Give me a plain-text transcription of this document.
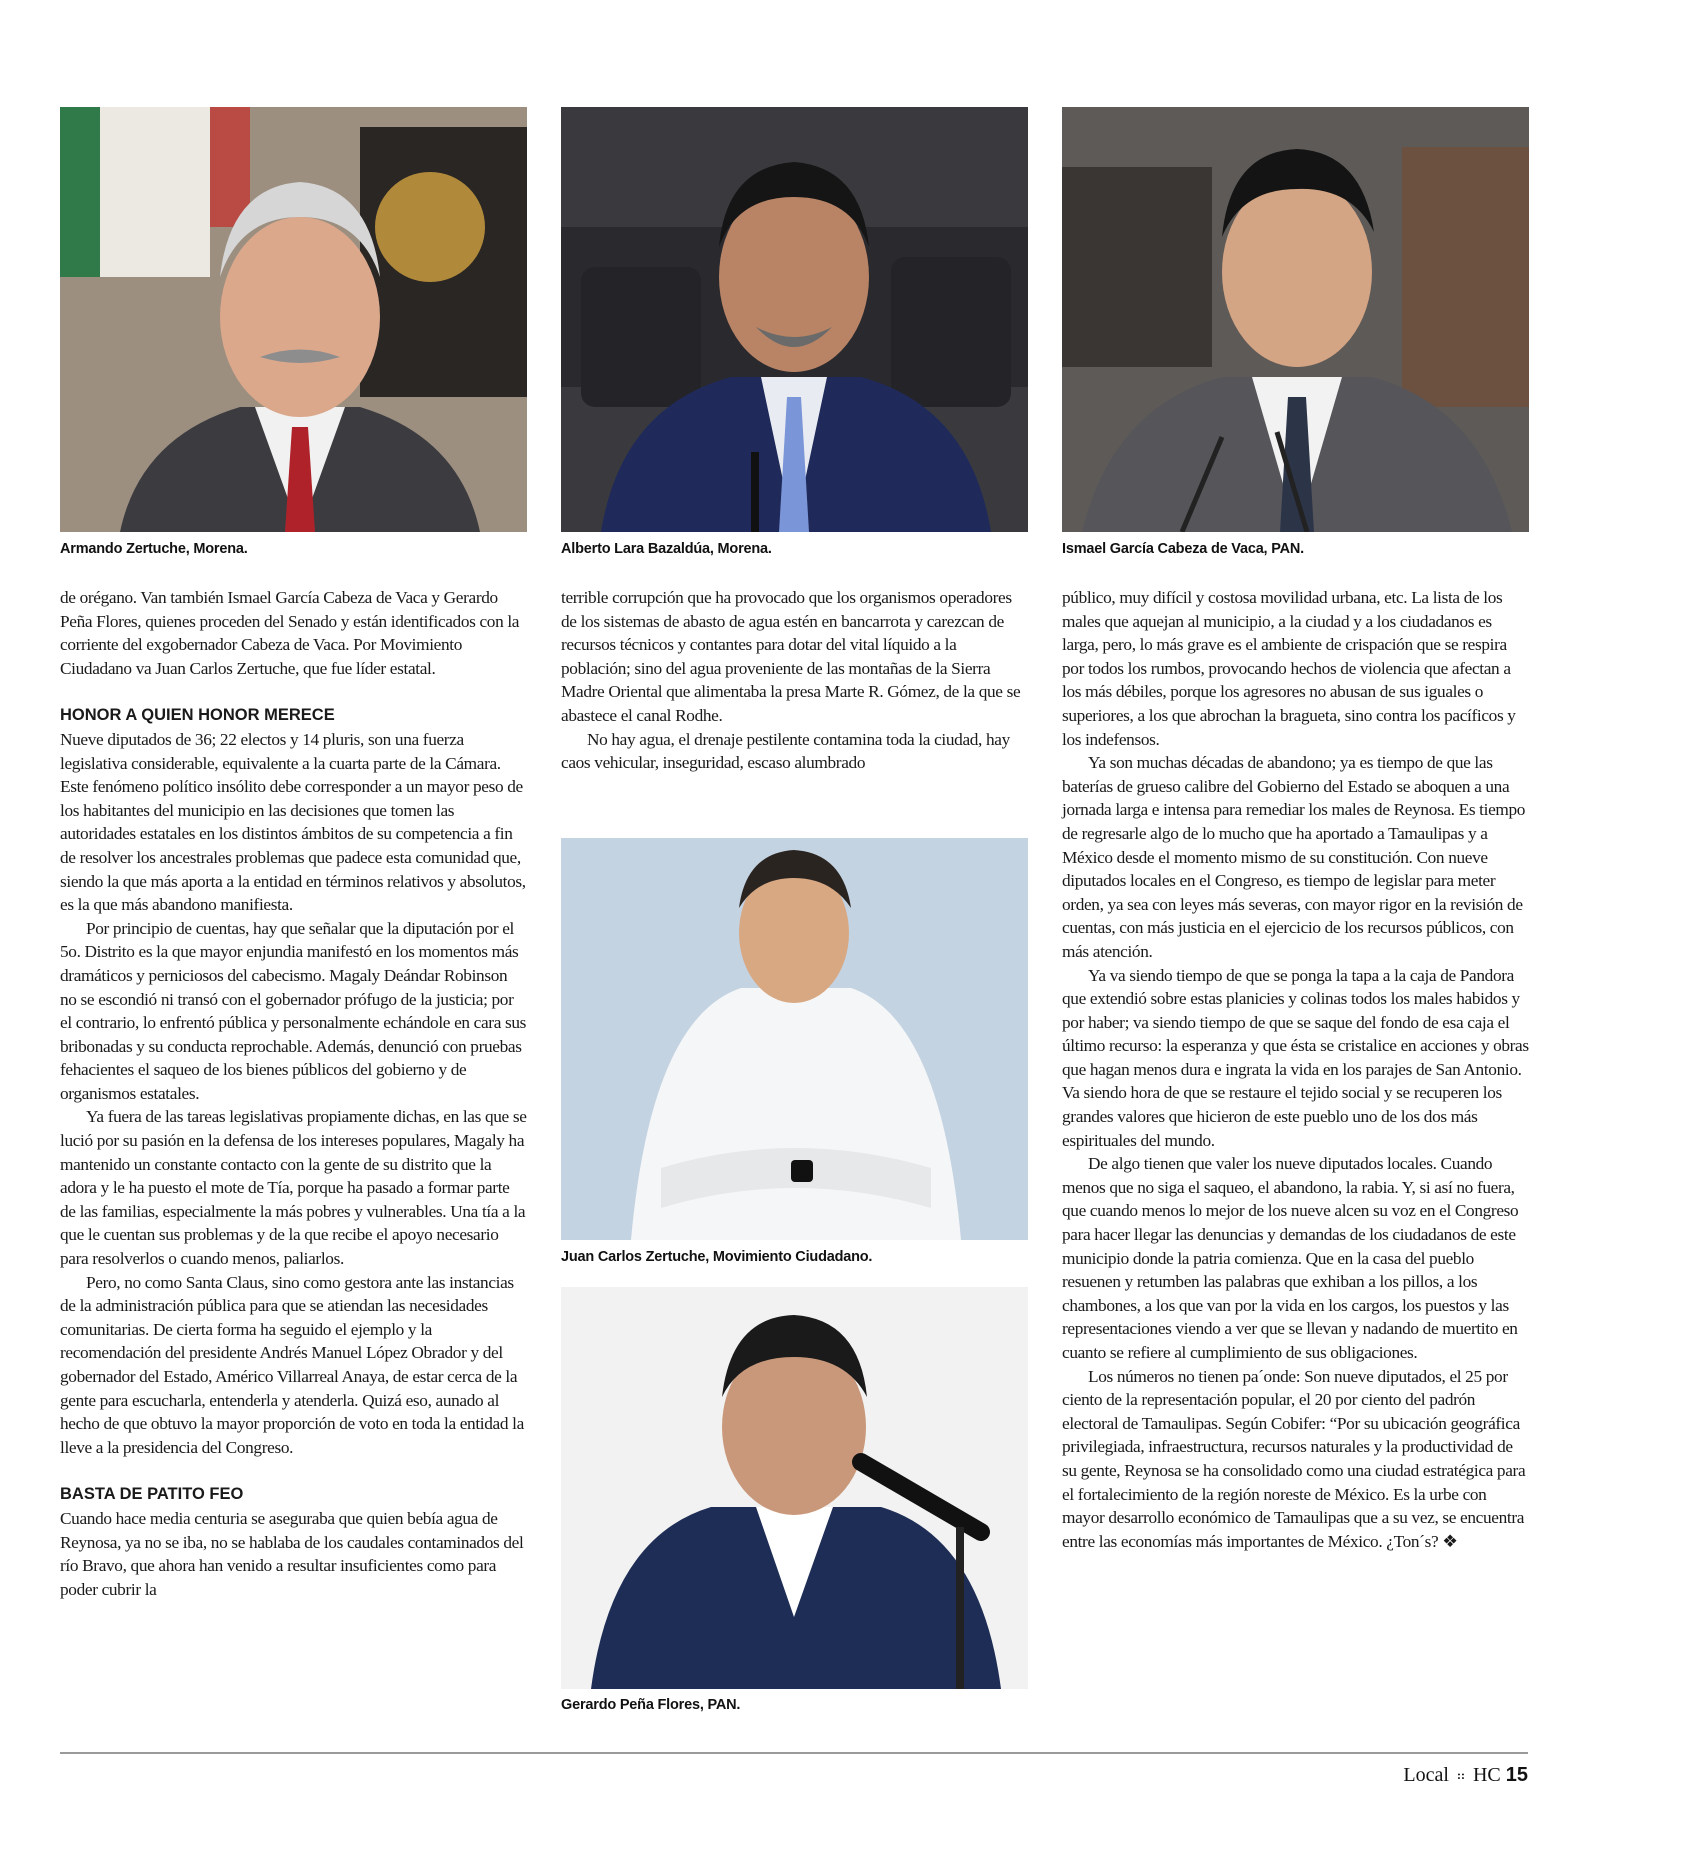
Armando Zertuche, Morena.	Alberto Lara Bazaldúa, Morena.	Ismael García Cabeza de Vaca, PAN.
Juan Carlos Zertuche, Movimiento Ciudadano.
Gerardo Peña Flores, PAN.

de orégano. Van también Ismael García Cabeza de Vaca y Gerardo Peña Flores, quienes proceden del Senado y están identificados con la corriente del exgobernador Cabeza de Vaca. Por Movimiento Ciudadano va Juan Carlos Zertuche, que fue líder estatal.

HONOR A QUIEN HONOR MERECE

Nueve diputados de 36; 22 electos y 14 pluris, son una fuerza legislativa considerable, equivalente a la cuarta parte de la Cámara. Este fenómeno político insólito debe corresponder a un mayor peso de los habitantes del municipio en las decisiones que tomen las autoridades estatales en los distintos ámbitos de su competencia a fin de resolver los ancestrales problemas que padece esta comunidad que, siendo la que más aporta a la entidad en términos relativos y absolutos, es la que más abandono manifiesta.

Por principio de cuentas, hay que señalar que la diputación por el 5o. Distrito es la que mayor enjundia manifestó en los momentos más dramáticos y perniciosos del cabecismo. Magaly Deándar Robinson no se escondió ni transó con el gobernador prófugo de la justicia; por el contrario, lo enfrentó pública y personalmente echándole en cara sus bribonadas y su conducta reprochable. Además, denunció con pruebas fehacientes el saqueo de los bienes públicos del gobierno y de organismos estatales.

Ya fuera de las tareas legislativas propiamente dichas, en las que se lució por su pasión en la defensa de los intereses populares, Magaly ha mantenido un constante contacto con la gente de su distrito que la adora y le ha puesto el mote de Tía, porque ha pasado a formar parte de las familias, especialmente la más pobres y vulnerables. Una tía a la que le cuentan sus problemas y de la que recibe el apoyo necesario para resolverlos o cuando menos, paliarlos.

Pero, no como Santa Claus, sino como gestora ante las instancias de la administración pública para que se atiendan las necesidades comunitarias. De cierta forma ha seguido el ejemplo y la recomendación del presidente Andrés Manuel López Obrador y del gobernador del Estado, Américo Villarreal Anaya, de estar cerca de la gente para escucharla, entenderla y atenderla. Quizá eso, aunado al hecho de que obtuvo la mayor proporción de voto en toda la entidad la lleve a la presidencia del Congreso.

BASTA DE PATITO FEO

Cuando hace media centuria se aseguraba que quien bebía agua de Reynosa, ya no se iba, no se hablaba de los caudales contaminados del río Bravo, que ahora han venido a resultar insuficientes como para poder cubrir la

terrible corrupción que ha provocado que los organismos operadores de los sistemas de abasto de agua estén en bancarrota y carezcan de recursos técnicos y contantes para dotar del vital líquido a la población; sino del agua proveniente de las montañas de la Sierra Madre Oriental que alimentaba la presa Marte R. Gómez, de la que se abastece el canal Rodhe.

No hay agua, el drenaje pestilente contamina toda la ciudad, hay caos vehicular, inseguridad, escaso alumbrado

público, muy difícil y costosa movilidad urbana, etc. La lista de los males que aquejan al municipio, a la ciudad y a los ciudadanos es larga, pero, lo más grave es el ambiente de crispación que se respira por todos los rumbos, provocando hechos de violencia que afectan a los más débiles, porque los agresores no abusan de sus iguales o superiores, a los que abrochan la bragueta, sino contra los pacíficos y los indefensos.

Ya son muchas décadas de abandono; ya es tiempo de que las baterías de grueso calibre del Gobierno del Estado se aboquen a una jornada larga e intensa para remediar los males de Reynosa. Es tiempo de regresarle algo de lo mucho que ha aportado a Tamaulipas y a México desde el momento mismo de su constitución. Con nueve diputados locales en el Congreso, es tiempo de legislar para meter orden, ya sea con leyes más severas, con mayor rigor en la revisión de cuentas, con más justicia en el ejercicio de los recursos públicos, con más atención.

Ya va siendo tiempo de que se ponga la tapa a la caja de Pandora que extendió sobre estas planicies y colinas todos los males habidos y por haber; va siendo tiempo de que se saque del fondo de esa caja el último recurso: la esperanza y que ésta se cristalice en acciones y obras que hagan menos dura e ingrata la vida en los parajes de San Antonio. Va siendo hora de que se restaure el tejido social y se recuperen los grandes valores que hicieron de este pueblo uno de los dos más espirituales del mundo.

De algo tienen que valer los nueve diputados locales. Cuando menos que no siga el saqueo, el abandono, la rabia. Y, si así no fuera, que cuando menos lo mejor de los nueve alcen su voz en el Congreso para hacer llegar las denuncias y demandas de los ciudadanos de este municipio donde la patria comienza. Que en la casa del pueblo resuenen y retumben las palabras que exhiban a los pillos, a los chambones, a los que van por la vida en los cargos, los puestos y las representaciones viendo a ver que se llevan y nadando de muertito en cuanto se refiere al cumplimiento de sus obligaciones.

Los números no tienen pa´onde: Son nueve diputados, el 25 por ciento de la representación popular, el 20 por ciento del padrón electoral de Tamaulipas. Según Cobifer: “Por su ubicación geográfica privilegiada, infraestructura, recursos naturales y la productividad de su gente, Reynosa se ha consolidado como una ciudad estratégica para el fortalecimiento de la región noreste de México. Es la urbe con mayor desarrollo económico de Tamaulipas que a su vez, se encuentra entre las economías más importantes de México. ¿Ton´s? ❖

Local :: HC 15
